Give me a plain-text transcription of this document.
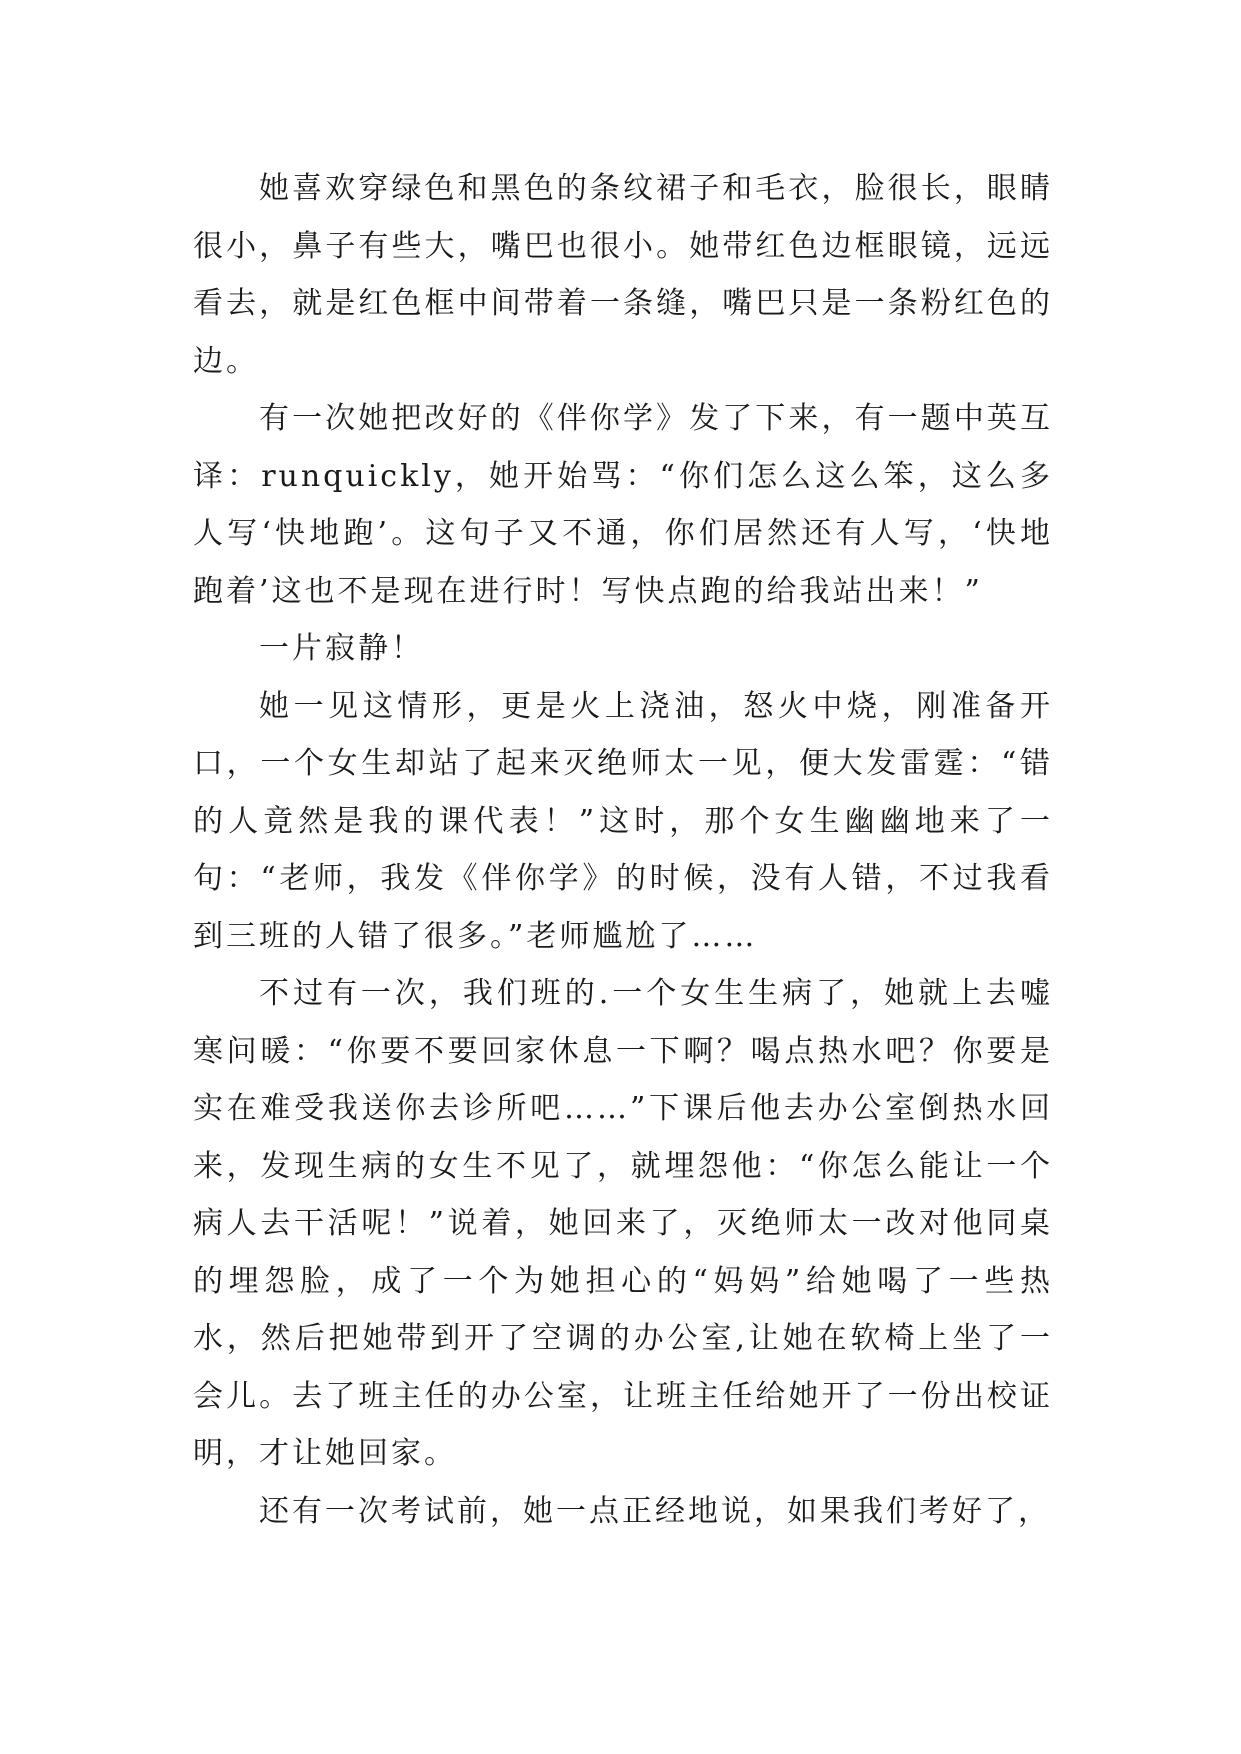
她喜欢穿绿色和黑色的条纹裙子和毛衣，脸很长，眼睛很小，鼻子有些大，嘴巴也很小。她带红色边框眼镜，远远看去，就是红色框中间带着一条缝，嘴巴只是一条粉红色的边。

有一次她把改好的《伴你学》发了下来，有一题中英互译：runquickly，她开始骂：“你们怎么这么笨，这么多人写‘快地跑’。这句子又不通，你们居然还有人写，‘快地跑着’这也不是现在进行时！写快点跑的给我站出来！”

一片寂静！

她一见这情形，更是火上浇油，怒火中烧，刚准备开口，一个女生却站了起来灭绝师太一见，便大发雷霆：“错的人竟然是我的课代表！”这时，那个女生幽幽地来了一句：“老师，我发《伴你学》的时候，没有人错，不过我看到三班的人错了很多。”老师尴尬了……

不过有一次，我们班的.一个女生生病了，她就上去嘘寒问暖：“你要不要回家休息一下啊？喝点热水吧？你要是实在难受我送你去诊所吧……”下课后他去办公室倒热水回来，发现生病的女生不见了，就埋怨他：“你怎么能让一个病人去干活呢！”说着，她回来了，灭绝师太一改对他同桌的埋怨脸，成了一个为她担心的“妈妈”给她喝了一些热水，然后把她带到开了空调的办公室,让她在软椅上坐了一会儿。去了班主任的办公室，让班主任给她开了一份出校证明，才让她回家。

还有一次考试前，她一点正经地说，如果我们考好了，
